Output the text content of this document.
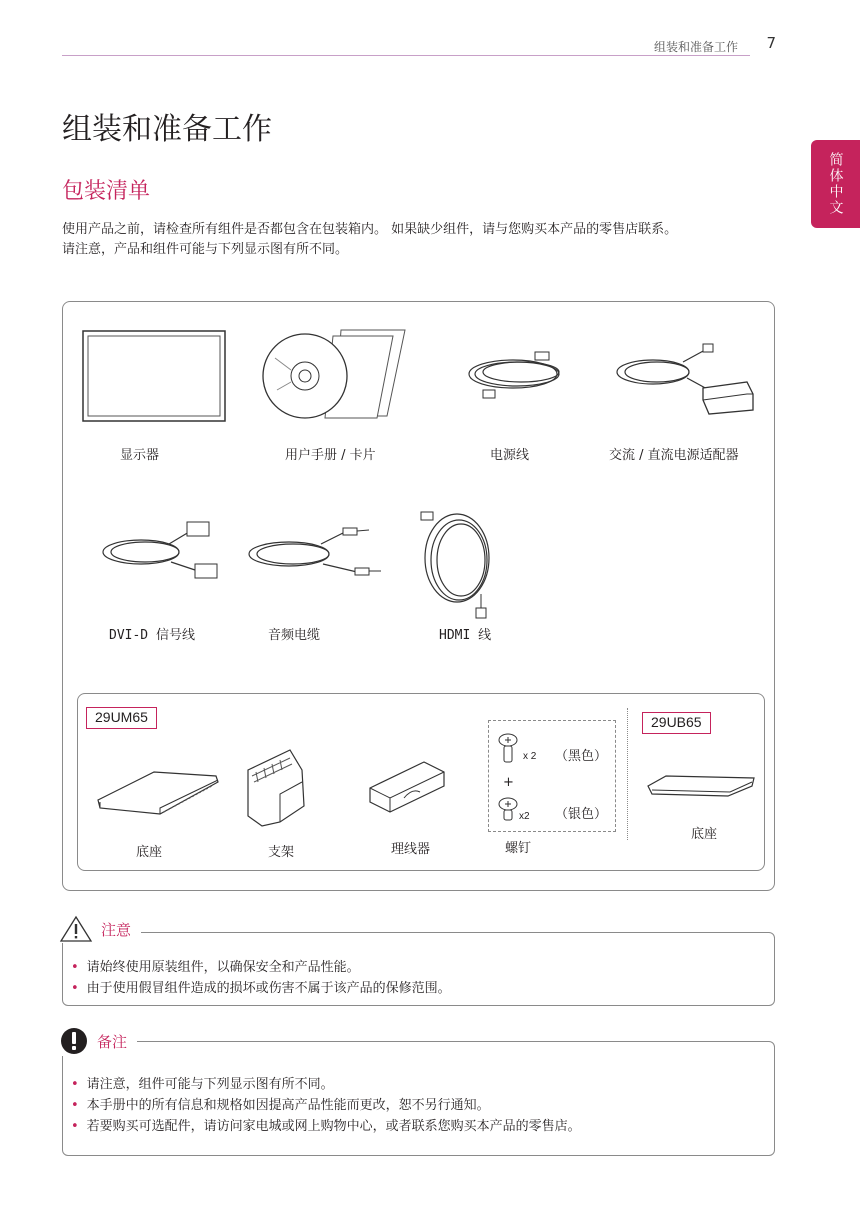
组装和准备工作 7
简体中文
组装和准备工作
包装清单
使用产品之前，请检查所有组件是否都包含在包装箱内。 如果缺少组件，请与您购买本产品的零售店联系。
请注意，产品和组件可能与下列显示图有所不同。
显示器	用户手册 / 卡片	电源线	交流 / 直流电源适配器
DVI-D 信号线	音频电缆	HDMI 线
29UM65	29UB65
底座	支架	理线器
x 2 （黑色）
+
x2 （银色）
螺钉
底座
注意
• 请始终使用原装组件，以确保安全和产品性能。
• 由于使用假冒组件造成的损坏或伤害不属于该产品的保修范围。
备注
• 请注意，组件可能与下列显示图有所不同。
• 本手册中的所有信息和规格如因提高产品性能而更改，恕不另行通知。
• 若要购买可选配件，请访问家电城或网上购物中心，或者联系您购买本产品的零售店。
